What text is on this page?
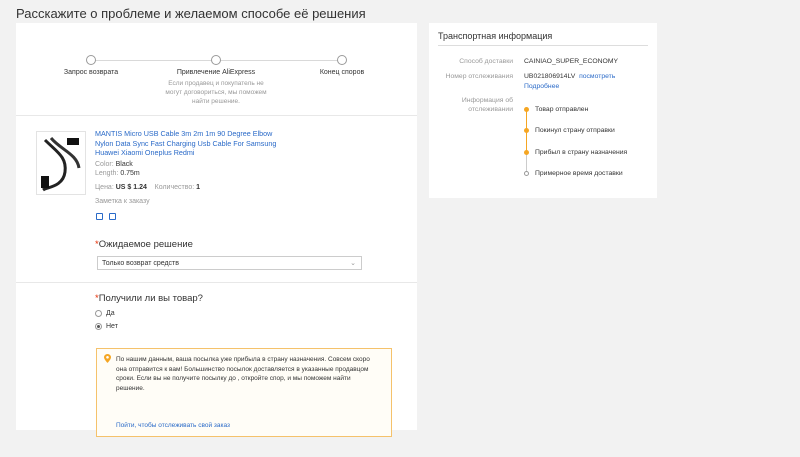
Расскажите о проблеме и желаемом способе её решения
Запрос возврата	Привлечение AliExpress
Если продавец и покупатель не могут договориться, мы поможем найти решение.
Конец споров
MANTIS Micro USB Cable 3m 2m 1m 90 Degree Elbow Nylon Data Sync Fast Charging Usb Cable For Samsung Huawei Xiaomi Oneplus Redmi
Color: Black
Length: 0.75m
Цена: US $ 1.24 Количество: 1
Заметка к заказу
*Ожидаемое решение
Только возврат средств	⌄
*Получили ли вы товар?
Да
Нет
По нашим данным, ваша посылка уже прибыла в страну назначения. Совсем скоро она отправится к вам! Большинство посылок доставляется в указанные продавцом сроки. Если вы не получите посылку до , откройте спор, и мы поможем найти решение.
Пойти, чтобы отслеживать свой заказ
Транспортная информация
Способ доставки CAINIAO_SUPER_ECONOMY
Номер отслеживания UB021806914LV посмотреть
Подробнее
Информация об отслеживании	Товар отправлен
Покинул страну отправки
Прибыл в страну назначения
Примерное время доставки
